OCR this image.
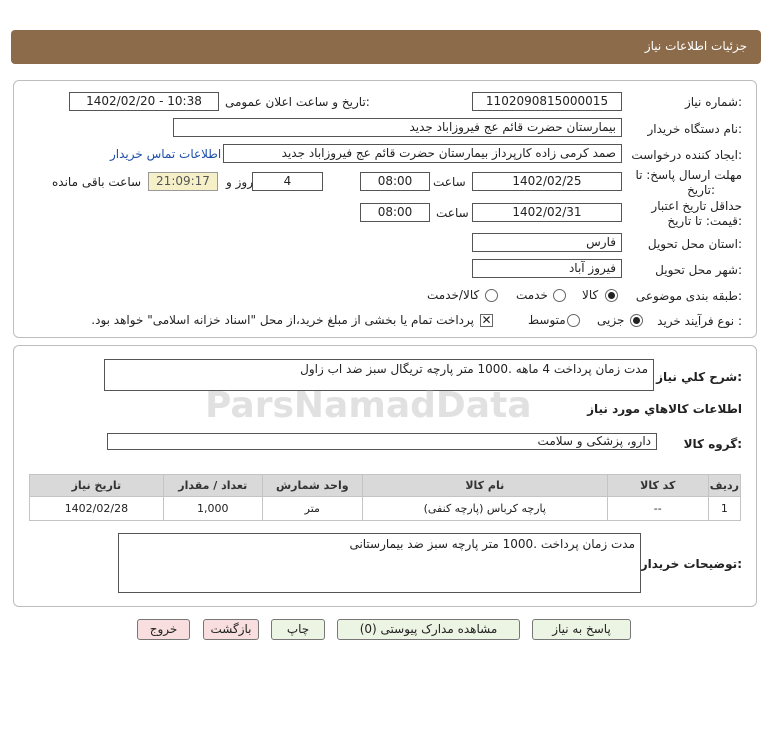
جزئیات اطلاعات نیاز
شماره نیاز:
1102090815000015
تاریخ و ساعت اعلان عمومی:
1402/02/20 - 10:38
نام دستگاه خریدار:
بیمارستان حضرت قائم عج فیروزاباد جدید
ایجاد کننده درخواست:
صمد کرمی زاده کارپرداز بیمارستان حضرت قائم عج فیروزاباد جدید
اطلاعات تماس خریدار
مهلت ارسال پاسخ: تا
تاریخ:
1402/02/25
ساعت
08:00
4
روز و
21:09:17
ساعت باقی مانده
حداقل تاریخ اعتبار
قیمت: تا تاریخ:
1402/02/31
ساعت
08:00
استان محل تحویل:
فارس
شهر محل تحویل:
فیروز آباد
طبقه بندی موضوعی:
کالا
خدمت
کالا/خدمت
نوع فرآیند خرید :
جزیی
متوسط
✕
پرداخت تمام یا بخشی از مبلغ خرید،از محل "اسناد خزانه اسلامی" خواهد بود.
شرح کلي نياز:
مدت زمان پرداخت 4 ماهه .1000 متر پارچه تریگال سبز ضد اب زاول
اطلاعات کالاهاي مورد نياز
گروه کالا:
دارو، پزشکی و سلامت
ردیف	کد کالا	نام کالا	واحد شمارش	تعداد / مقدار	تاریخ نیاز
1	--	پارچه کرباس (پارچه کنفی)	متر	1,000	1402/02/28
توضیحات خریدار:
مدت زمان پرداخت .1000 متر پارچه سبز ضد بیمارستانی
ParsNamadData
پاسخ به نیاز
مشاهده مدارک پیوستی (0)
چاپ
بازگشت
خروج
